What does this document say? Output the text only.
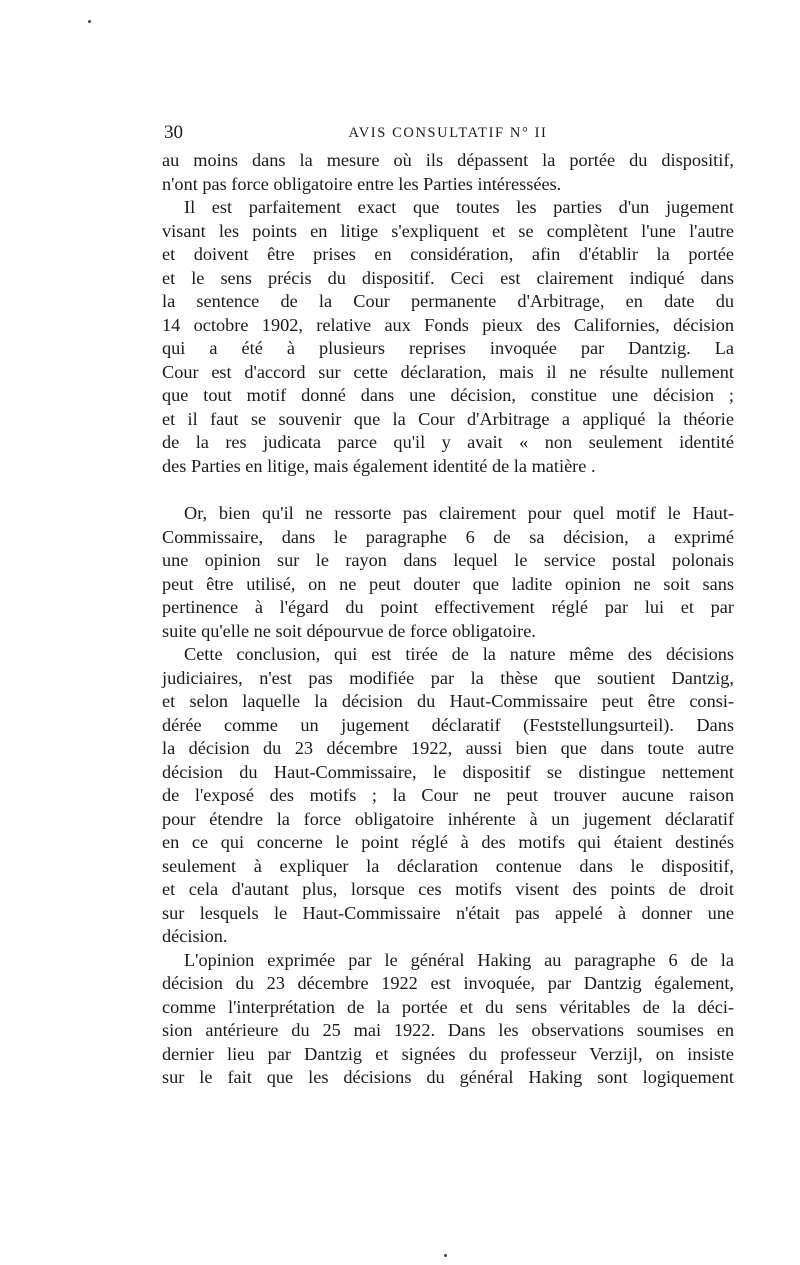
30	AVIS CONSULTATIF N° II
au moins dans la mesure où ils dépassent la portée du dispositif,
n'ont pas force obligatoire entre les Parties intéressées.
Il est parfaitement exact que toutes les parties d'un jugement
visant les points en litige s'expliquent et se complètent l'une l'autre
et doivent être prises en considération, afin d'établir la portée
et le sens précis du dispositif. Ceci est clairement indiqué dans
la sentence de la Cour permanente d'Arbitrage, en date du
14 octobre 1902, relative aux Fonds pieux des Californies, décision
qui a été à plusieurs reprises invoquée par Dantzig. La
Cour est d'accord sur cette déclaration, mais il ne résulte nullement
que tout motif donné dans une décision, constitue une décision ;
et il faut se souvenir que la Cour d'Arbitrage a appliqué la théorie
de la res judicata parce qu'il y avait « non seulement identité
des Parties en litige, mais également identité de la matière .
Or, bien qu'il ne ressorte pas clairement pour quel motif le Haut-
Commissaire, dans le paragraphe 6 de sa décision, a exprimé
une opinion sur le rayon dans lequel le service postal polonais
peut être utilisé, on ne peut douter que ladite opinion ne soit sans
pertinence à l'égard du point effectivement réglé par lui et par
suite qu'elle ne soit dépourvue de force obligatoire.
Cette conclusion, qui est tirée de la nature même des décisions
judiciaires, n'est pas modifiée par la thèse que soutient Dantzig,
et selon laquelle la décision du Haut-Commissaire peut être consi-
dérée comme un jugement déclaratif (Feststellungsurteil). Dans
la décision du 23 décembre 1922, aussi bien que dans toute autre
décision du Haut-Commissaire, le dispositif se distingue nettement
de l'exposé des motifs ; la Cour ne peut trouver aucune raison
pour étendre la force obligatoire inhérente à un jugement déclaratif
en ce qui concerne le point réglé à des motifs qui étaient destinés
seulement à expliquer la déclaration contenue dans le dispositif,
et cela d'autant plus, lorsque ces motifs visent des points de droit
sur lesquels le Haut-Commissaire n'était pas appelé à donner une
décision.
L'opinion exprimée par le général Haking au paragraphe 6 de la
décision du 23 décembre 1922 est invoquée, par Dantzig également,
comme l'interprétation de la portée et du sens véritables de la déci-
sion antérieure du 25 mai 1922. Dans les observations soumises en
dernier lieu par Dantzig et signées du professeur Verzijl, on insiste
sur le fait que les décisions du général Haking sont logiquement
